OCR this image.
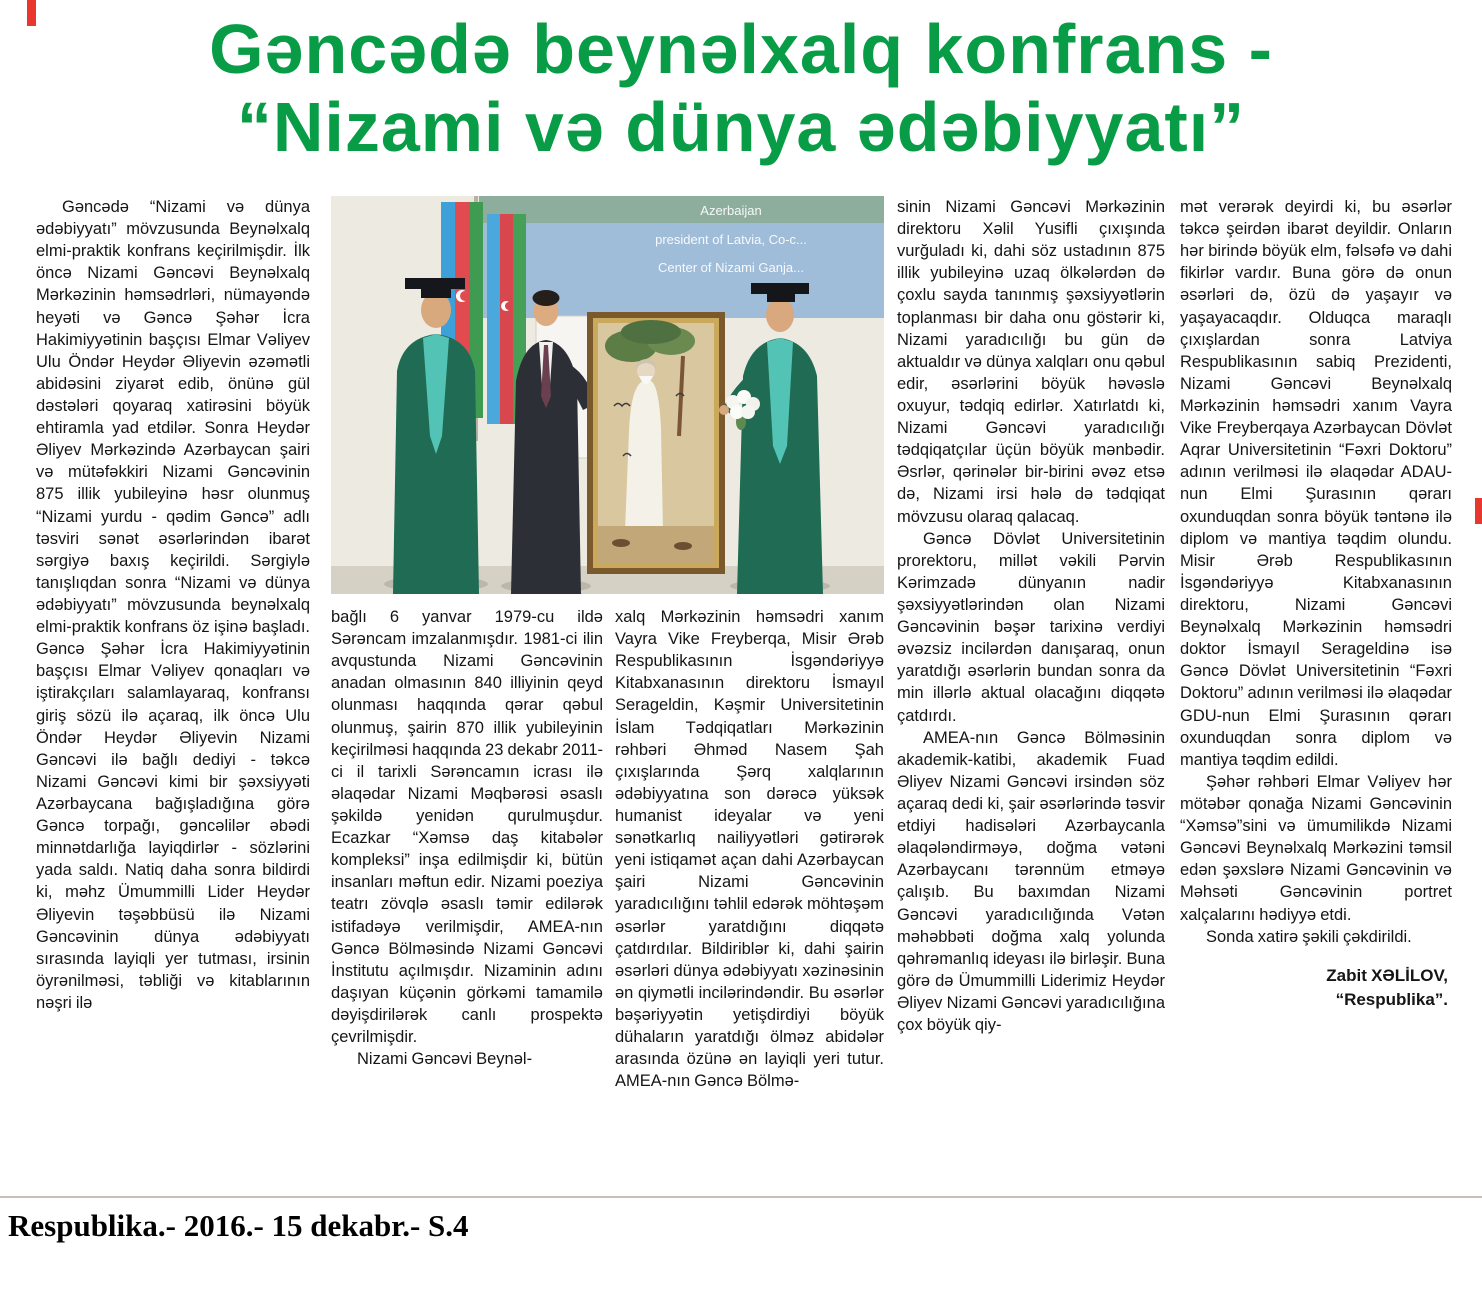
Gəncədə beynəlxalq konfrans -
“Nizami və dünya ədəbiyyatı”
Azerbaijan
president of Latvia, Co-c...
Center of Nizami Ganja...

Gəncədə “Nizami və dünya ədəbiyyatı” mövzusunda Beynəlxalq elmi-praktik konfrans keçirilmişdir. İlk öncə Nizami Gəncəvi Beynəlxalq Mərkəzinin həmsədrləri, nümayəndə heyəti və Gəncə Şəhər İcra Hakimiyyətinin başçısı Elmar Vəliyev Ulu Öndər Heydər Əliyevin əzəmətli abidəsini ziyarət edib, önünə gül dəstələri qoyaraq xatirəsini böyük ehtiramla yad etdilər. Sonra Heydər Əliyev Mərkəzində Azərbaycan şairi və mütəfəkkiri Nizami Gəncəvinin 875 illik yubileyinə həsr olunmuş “Nizami yurdu - qədim Gəncə” adlı təsviri sənət əsərlərindən ibarət sərgiyə baxış keçirildi. Sərgiylə tanışlıqdan sonra “Nizami və dünya ədəbiyyatı” mövzusunda beynəlxalq elmi-praktik konfrans öz işinə başladı. Gəncə Şəhər İcra Hakimiyyətinin başçısı Elmar Vəliyev qonaqları və iştirakçıları salamlayaraq, konfransı giriş sözü ilə açaraq, ilk öncə Ulu Öndər Heydər Əliyevin Nizami Gəncəvi ilə bağlı dediyi - təkcə Nizami Gəncəvi kimi bir şəxsiyyəti Azərbaycana bağışladığına görə Gəncə torpağı, gəncəlilər əbədi minnətdarlığa layiqdirlər - sözlərini yada saldı. Natiq daha sonra bildirdi ki, məhz Ümummilli Lider Heydər Əliyevin təşəbbüsü ilə Nizami Gəncəvinin dünya ədəbiyyatı sırasında layiqli yer tutması, irsinin öyrənilməsi, təbliği və kitablarının nəşri ilə

bağlı 6 yanvar 1979-cu ildə Sərəncam imzalanmışdır. 1981-ci ilin avqustunda Nizami Gəncəvinin anadan olmasının 840 illiyinin qeyd olunması haqqında qərar qəbul olunmuş, şairin 870 illik yubileyinin keçirilməsi haqqında 23 dekabr 2011-ci il tarixli Sərəncamın icrası ilə əlaqədar Nizami Məqbərəsi əsaslı şəkildə yenidən qurulmuşdur. Ecazkar “Xəmsə daş kitabələr kompleksi” inşa edilmişdir ki, bütün insanları məftun edir. Nizami poeziya teatrı zövqlə əsaslı təmir edilərək istifadəyə verilmişdir, AMEA-nın Gəncə Bölməsində Nizami Gəncəvi İnstitutu açılmışdır. Nizaminin adını daşıyan küçənin görkəmi tamamilə dəyişdirilərək canlı prospektə çevrilmişdir.

Nizami Gəncəvi Beynəl-

xalq Mərkəzinin həmsədri xanım Vayra Vike Freyberqa, Misir Ərəb Respublikasının İsgəndəriyyə Kitabxanasının direktoru İsmayıl Serageldin, Kəşmir Universitetinin İslam Tədqiqatları Mərkəzinin rəhbəri Əhməd Nasem Şah çıxışlarında Şərq xalqlarının ədəbiyyatına son dərəcə yüksək humanist ideyalar və yeni sənətkarlıq nailiyyətləri gətirərək yeni istiqamət açan dahi Azərbaycan şairi Nizami Gəncəvinin yaradıcılığını təhlil edərək möhtəşəm əsərlər yaratdığını diqqətə çatdırdılar. Bildiriblər ki, dahi şairin əsərləri dünya ədəbiyyatı xəzinəsinin ən qiymətli incilərindəndir. Bu əsərlər bəşəriyyətin yetişdirdiyi böyük dühaların yaratdığı ölməz abidələr arasında özünə ən layiqli yeri tutur. AMEA-nın Gəncə Bölmə-

sinin Nizami Gəncəvi Mərkəzinin direktoru Xəlil Yusifli çıxışında vurğuladı ki, dahi söz ustadının 875 illik yubileyinə uzaq ölkələrdən də çoxlu sayda tanınmış şəxsiyyətlərin toplanması bir daha onu göstərir ki, Nizami yaradıcılığı bu gün də aktualdır və dünya xalqları onu qəbul edir, əsərlərini böyük həvəslə oxuyur, tədqiq edirlər. Xatırlatdı ki, Nizami Gəncəvi yaradıcılığı tədqiqatçılar üçün böyük mənbədir. Əsrlər, qərinələr bir-birini əvəz etsə də, Nizami irsi hələ də tədqiqat mövzusu olaraq qalacaq.

Gəncə Dövlət Universitetinin prorektoru, millət vəkili Pərvin Kərimzadə dünyanın nadir şəxsiyyətlərindən olan Nizami Gəncəvinin bəşər tarixinə verdiyi əvəzsiz incilərdən danışaraq, onun yaratdığı əsərlərin bundan sonra da min illərlə aktual olacağını diqqətə çatdırdı.

AMEA-nın Gəncə Bölməsinin akademik-katibi, akademik Fuad Əliyev Nizami Gəncəvi irsindən söz açaraq dedi ki, şair əsərlərində təsvir etdiyi hadisələri Azərbaycanla əlaqələndirməyə, doğma vətəni Azərbaycanı tərənnüm etməyə çalışıb. Bu baxımdan Nizami Gəncəvi yaradıcılığında Vətən məhəbbəti doğma xalq yolunda qəhrəmanlıq ideyası ilə birləşir. Buna görə də Ümummilli Liderimiz Heydər Əliyev Nizami Gəncəvi yaradıcılığına çox böyük qiy-

mət verərək deyirdi ki, bu əsərlər təkcə şeirdən ibarət deyildir. Onların hər birində böyük elm, fəlsəfə və dahi fikirlər vardır. Buna görə də onun əsərləri də, özü də yaşayır və yaşayacaqdır. Olduqca maraqlı çıxışlardan sonra Latviya Respublikasının sabiq Prezidenti, Nizami Gəncəvi Beynəlxalq Mərkəzinin həmsədri xanım Vayra Vike Freyberqaya Azərbaycan Dövlət Aqrar Universitetinin “Fəxri Doktoru” adının verilməsi ilə əlaqədar ADAU-nun Elmi Şurasının qərarı oxunduqdan sonra böyük təntənə ilə diplom və mantiya təqdim olundu. Misir Ərəb Respublikasının İsgəndəriyyə Kitabxanasının direktoru, Nizami Gəncəvi Beynəlxalq Mərkəzinin həmsədri doktor İsmayıl Serageldinə isə Gəncə Dövlət Universitetinin “Fəxri Doktoru” adının verilməsi ilə əlaqədar GDU-nun Elmi Şurasının qərarı oxunduqdan sonra diplom və mantiya təqdim edildi.

Şəhər rəhbəri Elmar Vəliyev hər mötəbər qonağa Nizami Gəncəvinin “Xəmsə”sini və ümumilikdə Nizami Gəncəvi Beynəlxalq Mərkəzini təmsil edən şəxslərə Nizami Gəncəvinin və Məhsəti Gəncəvinin portret xalçalarını hədiyyə etdi.

Sonda xatirə şəkili çəkdirildi.

Zabit XƏLİLOV,
“Respublika”.
Respublika.- 2016.- 15 dekabr.- S.4
